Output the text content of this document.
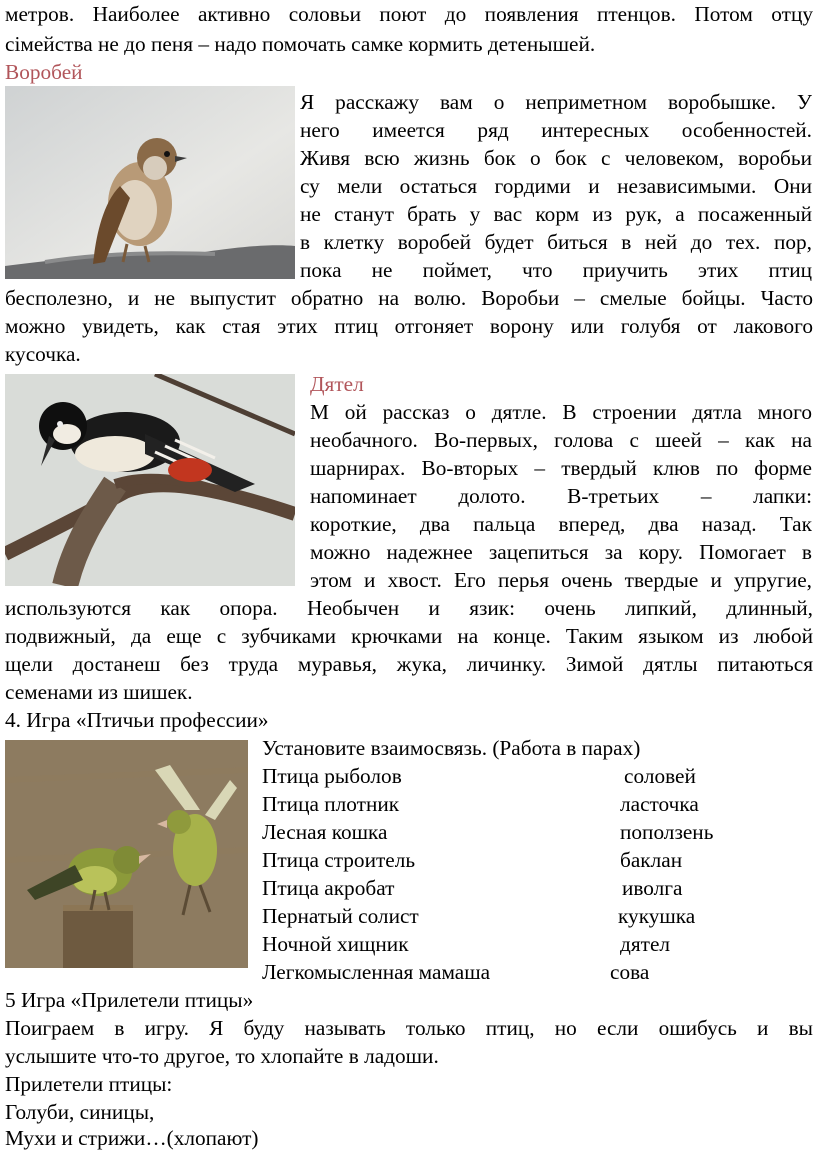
метров. Наиболее активно соловьи поют до появления птенцов. Потом отцу
сімейства не до пеня – надо помочать самке кормить детенышей.
Воробей
Я расскажу вам о неприметном воробышке. У
него имеется ряд интересных особенностей.
Живя всю жизнь бок о бок с человеком, воробьи
су мели остаться гордими и независимыми. Они
не станут брать у вас корм из рук, а посаженный
в клетку воробей будет биться в ней до тех. пор,
пока не поймет, что приучить этих птиц
бесполезно, и не выпустит обратно на волю. Воробьи – смелые бойцы. Часто
можно увидеть, как стая этих птиц отгоняет ворону или голубя от лакового
кусочка.
Дятел
М ой рассказ о дятле. В строении дятла много
необачного. Во-первых, голова с шеей – как на
шарнирах. Во-вторых – твердый клюв по форме
напоминает долото. В-третьих – лапки:
короткие, два пальца вперед, два назад. Так
можно надежнее зацепиться за кору. Помогает в
этом и хвост. Его перья очень твердые и упругие,
используются как опора. Необычен и язик: очень липкий, длинный,
подвижный, да еще с зубчиками крючками на конце. Таким языком из любой
щели достанеш без труда муравья, жука, личинку. Зимой дятлы питаються
семенами из шишек.
4. Игра «Птичьи профессии»
Установите взаимосвязь. (Работа в парах)
Птица рыболов	соловей
Птица плотник	ласточка
Лесная кошка	поползень
Птица строитель	баклан
Птица акробат	иволга
Пернатый солист	кукушка
Ночной хищник	дятел
Легкомысленная мамаша	сова
5 Игра «Прилетели птицы»
Поиграем в игру. Я буду называть только птиц, но если ошибусь и вы
услышите что-то другое, то хлопайте в ладоши.
Прилетели птицы:
Голуби, синицы,
Мухи и стрижи…(хлопают)
